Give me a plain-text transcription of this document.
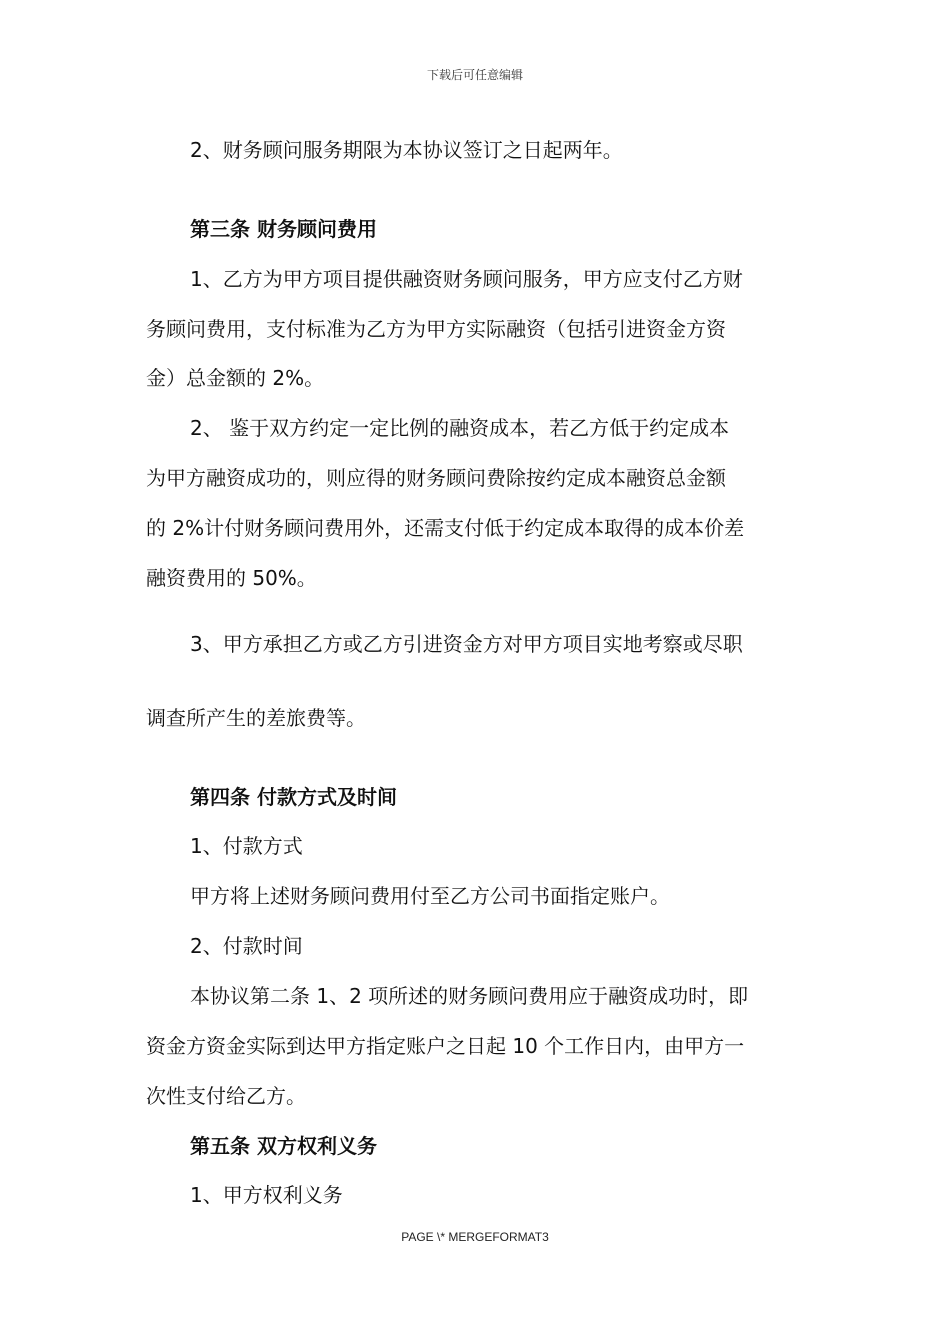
下载后可任意编辑
2、财务顾问服务期限为本协议签订之日起两年。
第三条 财务顾问费用
1、乙方为甲方项目提供融资财务顾问服务，甲方应支付乙方财
务顾问费用，支付标准为乙方为甲方实际融资（包括引进资金方资
金）总金额的 2%。
2、 鉴于双方约定一定比例的融资成本，若乙方低于约定成本
为甲方融资成功的，则应得的财务顾问费除按约定成本融资总金额
的 2%计付财务顾问费用外，还需支付低于约定成本取得的成本价差
融资费用的 50%。
3、甲方承担乙方或乙方引进资金方对甲方项目实地考察或尽职
调查所产生的差旅费等。
第四条 付款方式及时间
1、付款方式
甲方将上述财务顾问费用付至乙方公司书面指定账户。
2、付款时间
本协议第二条 1、2 项所述的财务顾问费用应于融资成功时，即
资金方资金实际到达甲方指定账户之日起 10 个工作日内，由甲方一
次性支付给乙方。
第五条 双方权利义务
1、甲方权利义务
PAGE \* MERGEFORMAT3
